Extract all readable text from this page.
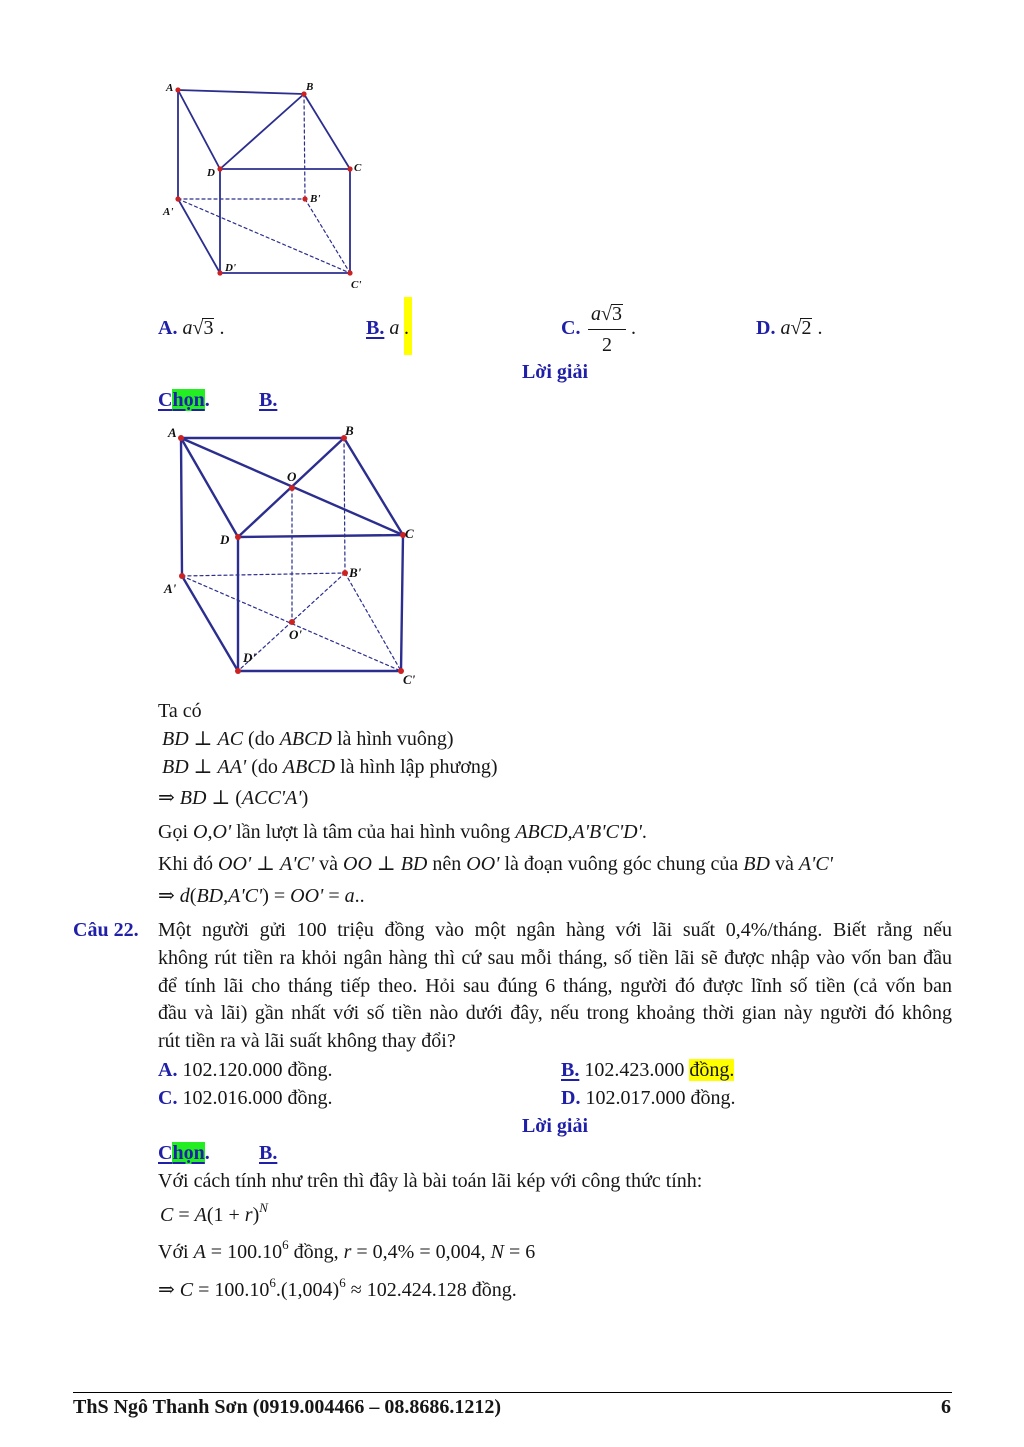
A	B
C
D
A'
B'
C'
D'
A. a√3 .	B. a .	C. $\frac{a√3}{2}$ .	D. a√2 .
Lời giải
Chọn. B.
A	B
C
D
O
A'
B'
C'
D'
O'
Ta có
BD ⊥ AC (do ABCD là hình vuông)
BD ⊥ AA' (do ABCD là hình lập phương)
⇒ BD ⊥ (ACC'A')
Gọi O,O' lần lượt là tâm của hai hình vuông ABCD,A'B'C'D'.
Khi đó OO' ⊥ A'C' và OO ⊥ BD nên OO' là đoạn vuông góc chung của BD và A'C'
⇒ d(BD,A'C') = OO' = a..
Câu 22. Một người gửi 100 triệu đồng vào một ngân hàng với lãi suất 0,4%/tháng. Biết rằng nếu
không rút tiền ra khỏi ngân hàng thì cứ sau mỗi tháng, số tiền lãi sẽ được nhập vào vốn ban đầu
để tính lãi cho tháng tiếp theo. Hỏi sau đúng 6 tháng, người đó được lĩnh số tiền (cả vốn ban
đầu và lãi) gần nhất với số tiền nào dưới đây, nếu trong khoảng thời gian này người đó không
rút tiền ra và lãi suất không thay đổi?
A. 102.120.000 đồng.	B. 102.423.000 đồng.
C. 102.016.000 đồng.	D. 102.017.000 đồng.
Lời giải
Chọn. B.
Với cách tính như trên thì đây là bài toán lãi kép với công thức tính:
$C = A(1 + r)^N$
Với $A = 100.10^6$ đồng, r = 0,4% = 0,004, N = 6
⇒ $C = 100.10^6.(1,004)^6 \approx 102.424.128$ đồng.
ThS Ngô Thanh Sơn (0919.004466 – 08.8686.1212)	6
